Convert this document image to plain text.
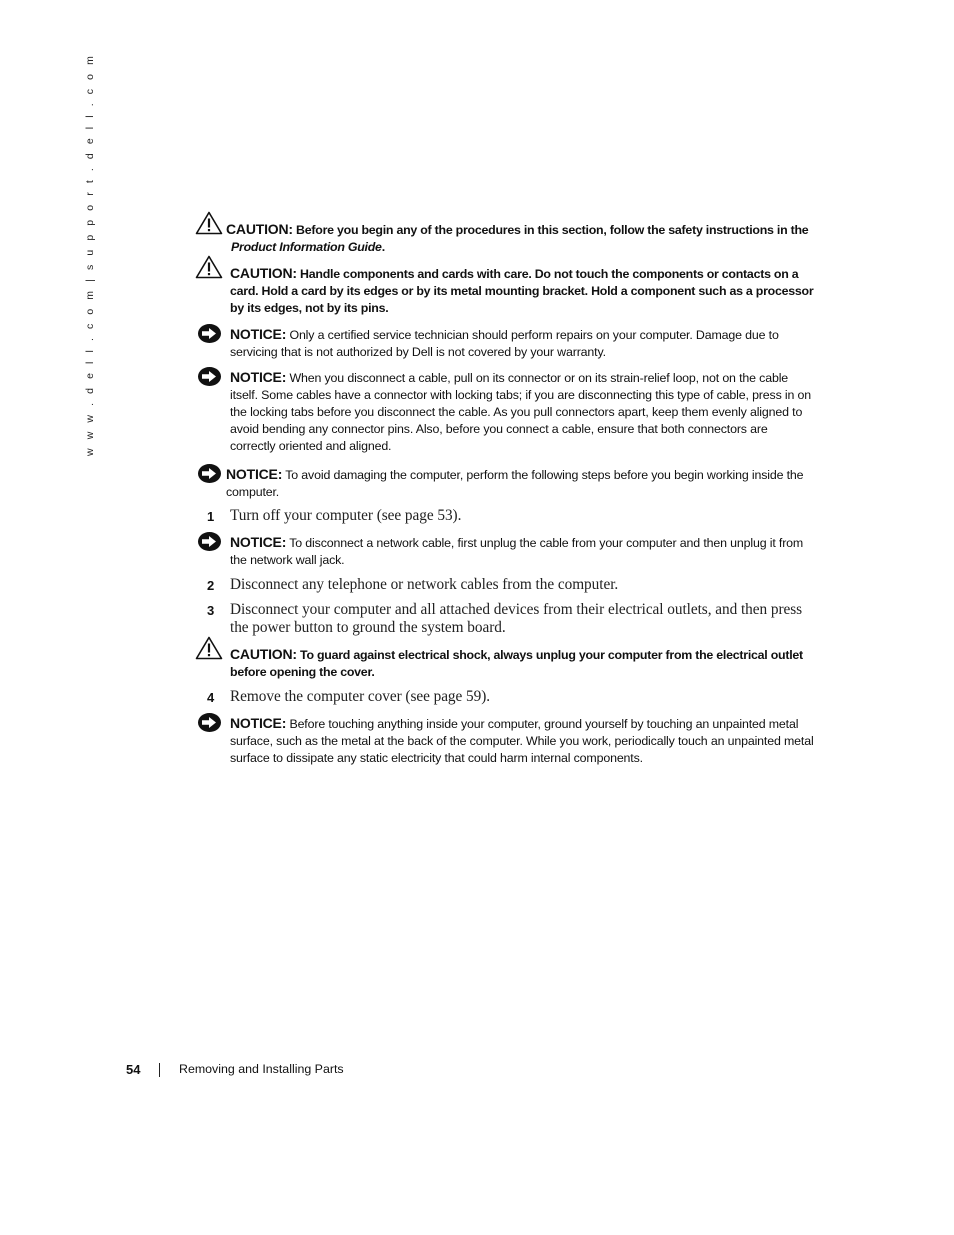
w w w . d e l l . c o m | s u p p o r t . d e l l . c o m	CAUTION: Before you begin any of the procedures in this section, follow the safety instructions in the
Product Information Guide.
CAUTION: Handle components and cards with care. Do not touch the components or contacts on a card. Hold a card by its edges or by its metal mounting bracket. Hold a component such as a processor by its edges, not by its pins.
NOTICE: Only a certified service technician should perform repairs on your computer. Damage due to servicing that is not authorized by Dell is not covered by your warranty.
NOTICE: When you disconnect a cable, pull on its connector or on its strain-relief loop, not on the cable itself. Some cables have a connector with locking tabs; if you are disconnecting this type of cable, press in on the locking tabs before you disconnect the cable. As you pull connectors apart, keep them evenly aligned to avoid bending any connector pins. Also, before you connect a cable, ensure that both connectors are correctly oriented and aligned.
NOTICE: To avoid damaging the computer, perform the following steps before you begin working inside the computer.
1 Turn off your computer (see page 53).
NOTICE: To disconnect a network cable, first unplug the cable from your computer and then unplug it from the network wall jack.
2 Disconnect any telephone or network cables from the computer.
3 Disconnect your computer and all attached devices from their electrical outlets, and then press the power button to ground the system board.
CAUTION: To guard against electrical shock, always unplug your computer from the electrical outlet before opening the cover.
4 Remove the computer cover (see page 59).
NOTICE: Before touching anything inside your computer, ground yourself by touching an unpainted metal surface, such as the metal at the back of the computer. While you work, periodically touch an unpainted metal surface to dissipate any static electricity that could harm internal components.
54	Removing and Installing Parts
